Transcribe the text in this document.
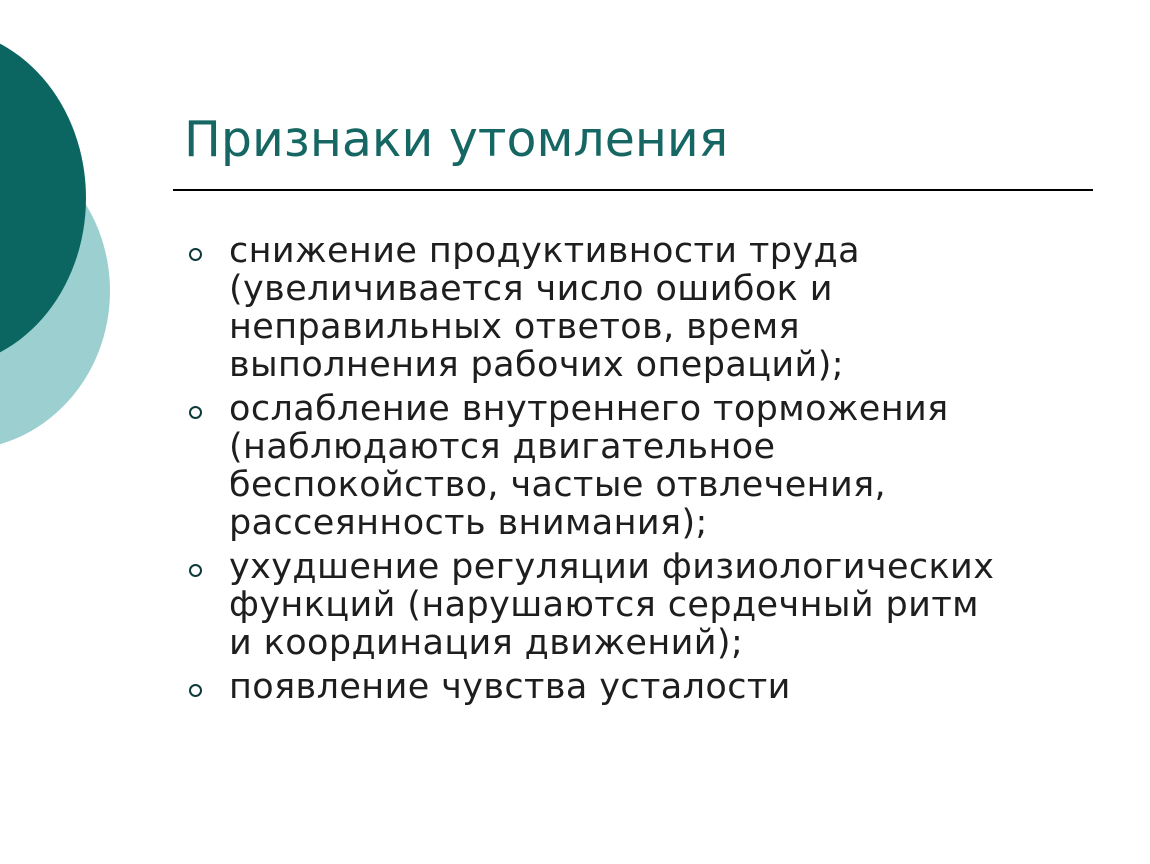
Признаки утомления
снижение продуктивности труда
(увеличивается число ошибок и
неправильных ответов, время
выполнения рабочих операций);
ослабление внутреннего торможения
(наблюдаются двигательное
беспокойство, частые отвлечения,
рассеянность внимания);
ухудшение регуляции физиологических
функций (нарушаются сердечный ритм
и координация движений);
появление чувства усталости
